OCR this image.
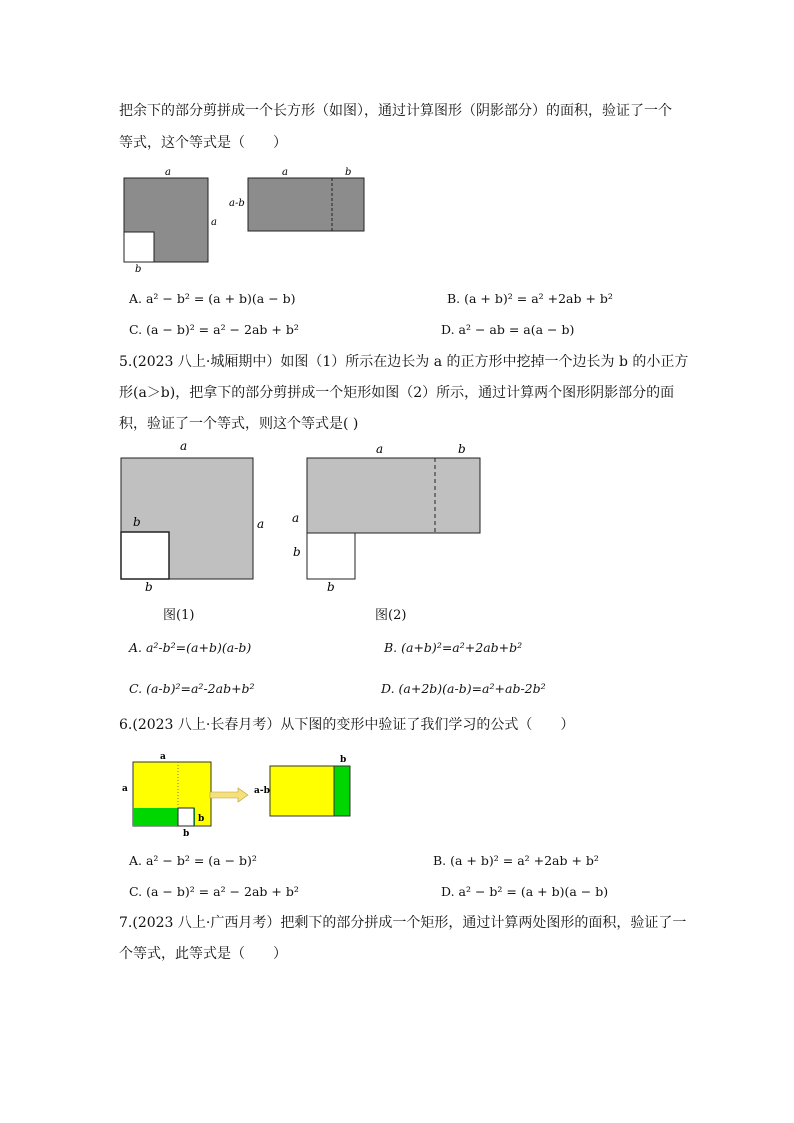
把余下的部分剪拼成一个长方形（如图），通过计算图形（阴影部分）的面积，验证了一个
等式，这个等式是（　　）
a
a
b
a	b
a-b
A. a² − b² = (a + b)(a − b)	B. (a + b)² = a² +2ab + b²
C. (a − b)² = a² − 2ab + b²	D. a² − ab = a(a − b)
5.(2023 八上·城厢期中）如图（1）所示在边长为 a 的正方形中挖掉一个边长为 b 的小正方
形(a＞b)，把拿下的部分剪拼成一个矩形如图（2）所示，通过计算两个图形阴影部分的面
积，验证了一个等式，则这个等式是( )
a
a
b
b
a	b
a
b
b
图(1)	图(2)
A. a²-b²=(a+b)(a-b)	B. (a+b)²=a²+2ab+b²
C. (a-b)²=a²-2ab+b²	D. (a+2b)(a-b)=a²+ab-2b²
6.(2023 八上·长春月考）从下图的变形中验证了我们学习的公式（　　）
a
a
b
b
a-b
b
A. a² − b² = (a − b)²	B. (a + b)² = a² +2ab + b²
C. (a − b)² = a² − 2ab + b²	D. a² − b² = (a + b)(a − b)
7.(2023 八上·广西月考）把剩下的部分拼成一个矩形，通过计算两处图形的面积，验证了一
个等式，此等式是（　　）
